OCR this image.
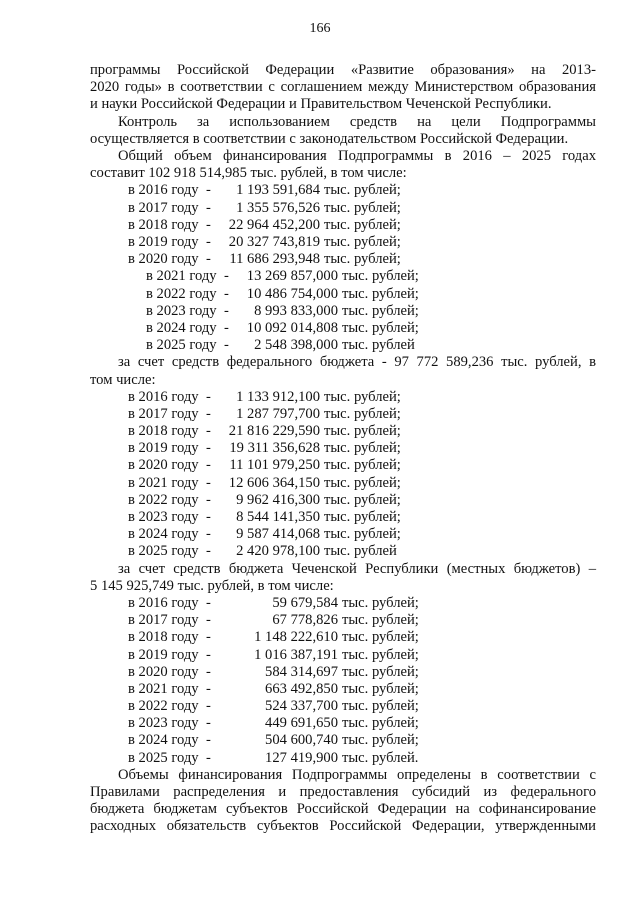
166

программы Российской Федерации «Развитие образования» на 2013-
2020 годы» в соответствии с соглашением между Министерством образования
и науки Российской Федерации и Правительством Чеченской Республики.

Контроль за использованием средств на цели Подпрограммы
осуществляется в соответствии с законодательством Российской Федерации.

Общий объем финансирования Подпрограммы в 2016 – 2025 годах
составит 102 918 514,985 тыс. рублей, в том числе:

в 2016 году - 1 193 591,684 тыс. рублей;
в 2017 году - 1 355 576,526 тыс. рублей;
в 2018 году - 22 964 452,200 тыс. рублей;
в 2019 году - 20 327 743,819 тыс. рублей;
в 2020 году - 11 686 293,948 тыс. рублей;
в 2021 году - 13 269 857,000 тыс. рублей;
в 2022 году - 10 486 754,000 тыс. рублей;
в 2023 году - 8 993 833,000 тыс. рублей;
в 2024 году - 10 092 014,808 тыс. рублей;
в 2025 году - 2 548 398,000 тыс. рублей

за счет средств федерального бюджета - 97 772 589,236 тыс. рублей, в
том числе:

в 2016 году - 1 133 912,100 тыс. рублей;
в 2017 году - 1 287 797,700 тыс. рублей;
в 2018 году - 21 816 229,590 тыс. рублей;
в 2019 году - 19 311 356,628 тыс. рублей;
в 2020 году - 11 101 979,250 тыс. рублей;
в 2021 году - 12 606 364,150 тыс. рублей;
в 2022 году - 9 962 416,300 тыс. рублей;
в 2023 году - 8 544 141,350 тыс. рублей;
в 2024 году - 9 587 414,068 тыс. рублей;
в 2025 году - 2 420 978,100 тыс. рублей

за счет средств бюджета Чеченской Республики (местных бюджетов) –
5 145 925,749 тыс. рублей, в том числе:

в 2016 году -	59 679,584 тыс. рублей;
в 2017 году -	67 778,826 тыс. рублей;
в 2018 году -	1 148 222,610 тыс. рублей;
в 2019 году -	1 016 387,191 тыс. рублей;
в 2020 году -	584 314,697 тыс. рублей;
в 2021 году -	663 492,850 тыс. рублей;
в 2022 году -	524 337,700 тыс. рублей;
в 2023 году -	449 691,650 тыс. рублей;
в 2024 году -	504 600,740 тыс. рублей;
в 2025 году -	127 419,900 тыс. рублей.

Объемы финансирования Подпрограммы определены в соответствии с
Правилами распределения и предоставления субсидий из федерального
бюджета бюджетам субъектов Российской Федерации на софинансирование
расходных обязательств субъектов Российской Федерации, утвержденными
